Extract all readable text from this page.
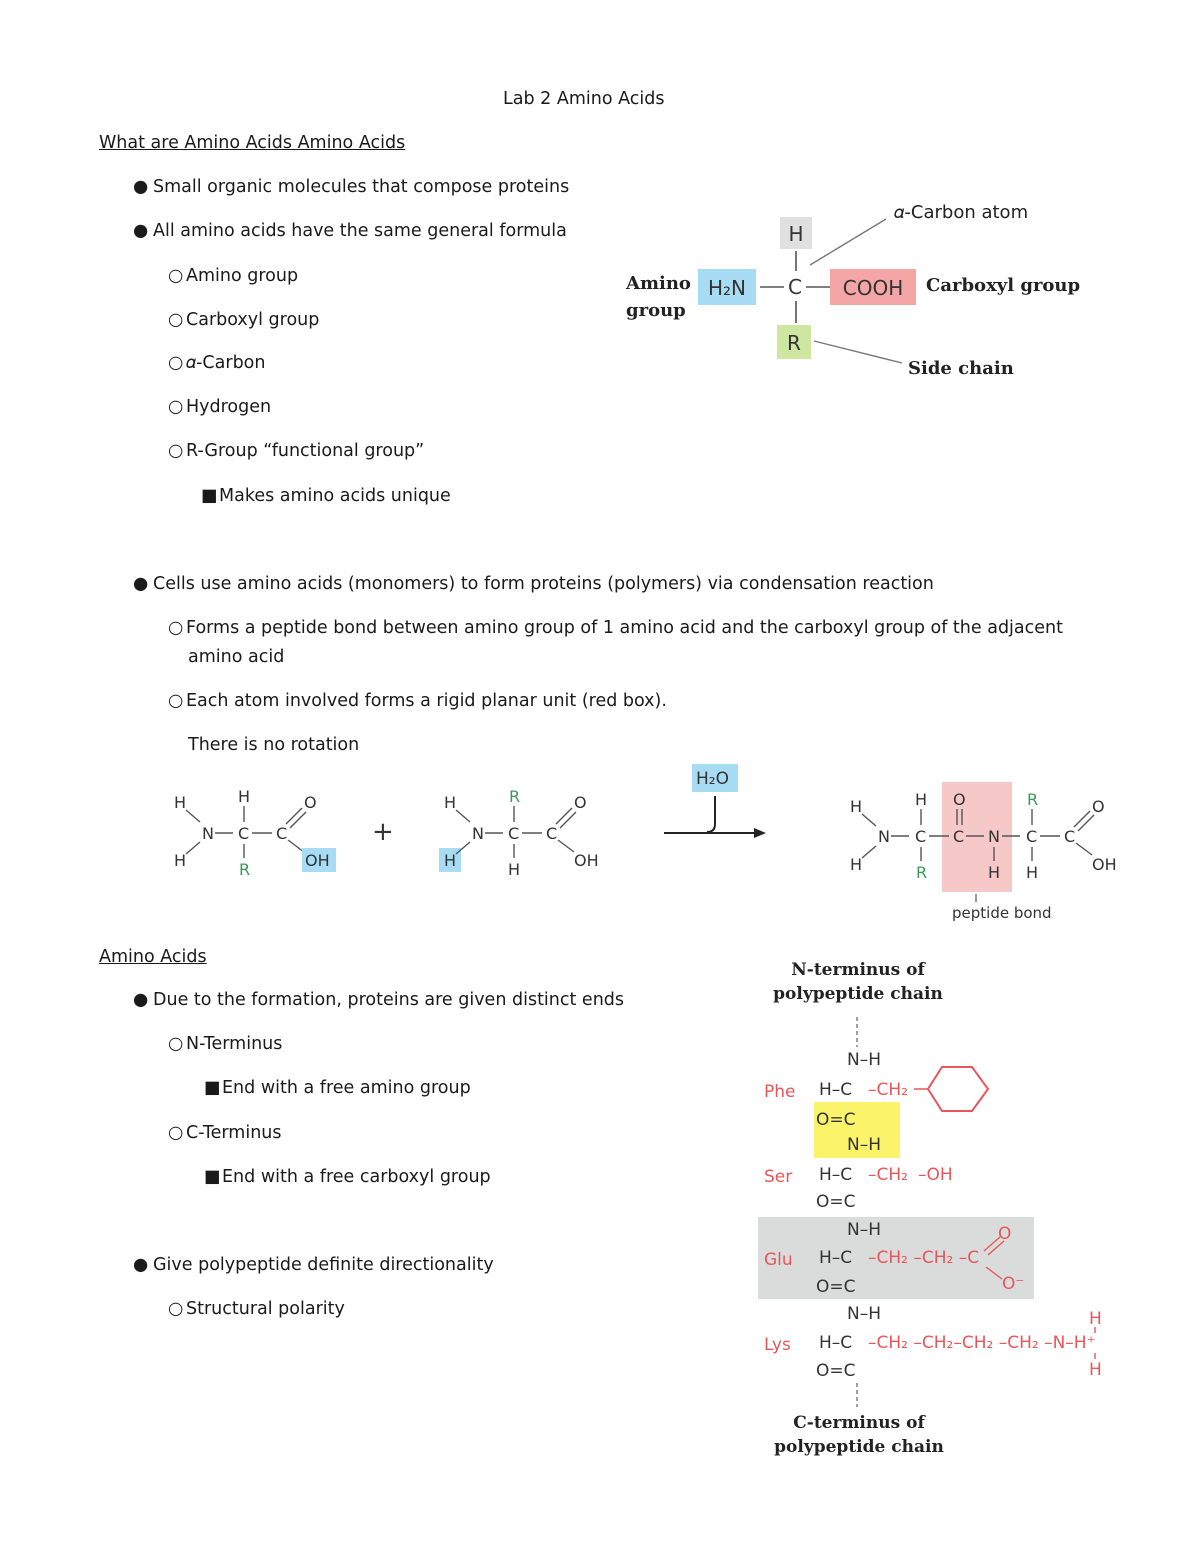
Lab 2 Amino Acids
What are Amino Acids Amino Acids
● Small organic molecules that compose proteins
● All amino acids have the same general formula
○ Amino group
○ Carboxyl group
○ 𝛼-Carbon
○ Hydrogen
○ R-Group “functional group”
■Makes amino acids unique
● Cells use amino acids (monomers) to form proteins (polymers) via condensation reaction
○ Forms a peptide bond between amino group of 1 amino acid and the carboxyl group of the adjacent
amino acid
○ Each atom involved forms a rigid planar unit (red box).
There is no rotation
H
H₂N C COOH
R
Amino
group
𝛼-Carbon atom
Carboxyl group
Side chain
H
H
N
H
C
R
C
O
OH
+
H
H
N
R
C
H
C
O
OH
H₂O
H
H
N
H
C
R
O
C N
H
R
C
H
C
O
OH
peptide bond
Amino Acids
● Due to the formation, proteins are given distinct ends
○ N-Terminus
■End with a free amino group
○ C-Terminus
■End with a free carboxyl group
● Give polypeptide definite directionality
○ Structural polarity
N-terminus of
polypeptide chain
N–H
Phe H–C –CH₂
O=C
N–H
Ser H–C –CH₂ –OH
O=C
N–H
Glu H–C –CH₂ –CH₂ –C
O
O⁻
O=C
N–H
Lys H–C –CH₂ –CH₂–CH₂ –CH₂ –N–H⁺
H
H
O=C
C-terminus of
polypeptide chain
